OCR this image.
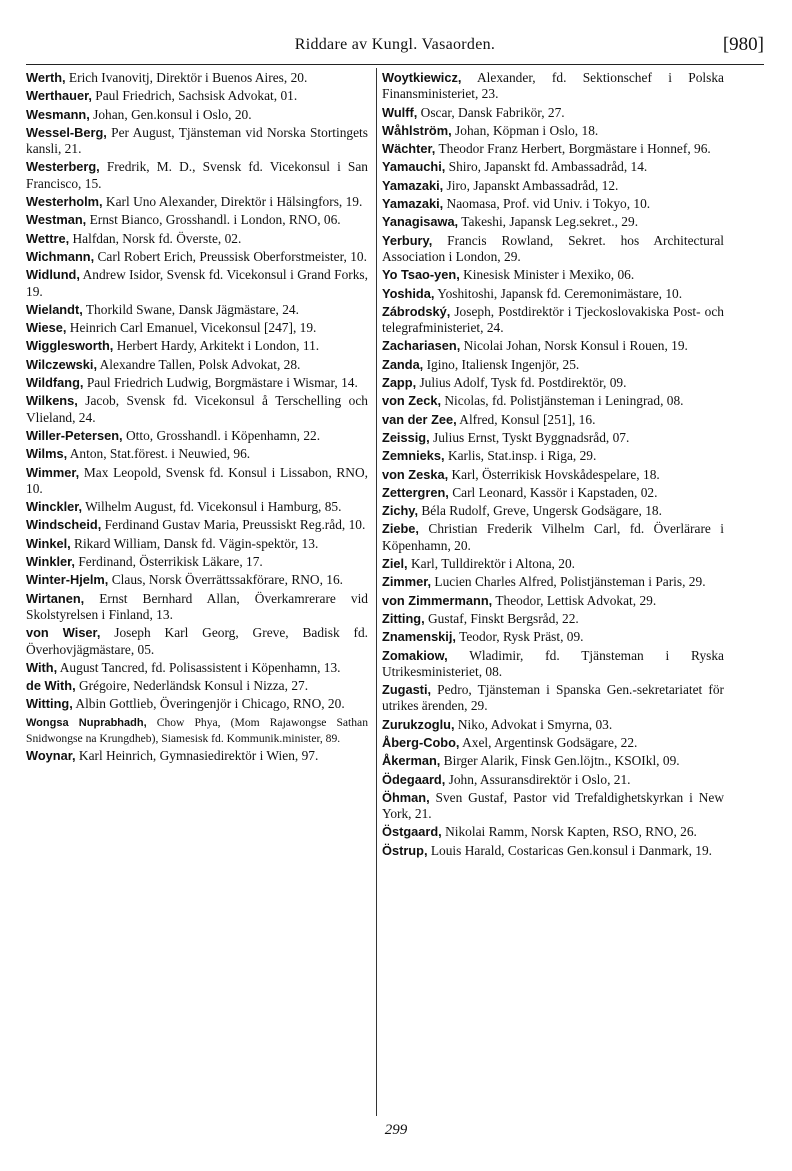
Riddare av Kungl. Vasaorden.	[980]
Werth, Erich Ivanovitj, Direktör i Buenos Aires, 20.
Werthauer, Paul Friedrich, Sachsisk Advokat, 01.
Wesmann, Johan, Gen.konsul i Oslo, 20.
Wessel-Berg, Per August, Tjänsteman vid Norska Stortingets kansli, 21.
Westerberg, Fredrik, M. D., Svensk fd. Vicekonsul i San Francisco, 15.
Westerholm, Karl Uno Alexander, Direktör i Hälsingfors, 19.
Westman, Ernst Bianco, Grosshandl. i London, RNO, 06.
Wettre, Halfdan, Norsk fd. Överste, 02.
Wichmann, Carl Robert Erich, Preussisk Oberforstmeister, 10.
Widlund, Andrew Isidor, Svensk fd. Vicekonsul i Grand Forks, 19.
Wielandt, Thorkild Swane, Dansk Jägmästare, 24.
Wiese, Heinrich Carl Emanuel, Vicekonsul [247], 19.
Wigglesworth, Herbert Hardy, Arkitekt i London, 11.
Wilczewski, Alexandre Tallen, Polsk Advokat, 28.
Wildfang, Paul Friedrich Ludwig, Borgmästare i Wismar, 14.
Wilkens, Jacob, Svensk fd. Vicekonsul å Terschelling och Vlieland, 24.
Willer-Petersen, Otto, Grosshandl. i Köpenhamn, 22.
Wilms, Anton, Stat.förest. i Neuwied, 96.
Wimmer, Max Leopold, Svensk fd. Konsul i Lissabon, RNO, 10.
Winckler, Wilhelm August, fd. Vicekonsul i Hamburg, 85.
Windscheid, Ferdinand Gustav Maria, Preussiskt Reg.råd, 10.
Winkel, Rikard William, Dansk fd. Vägin-spektör, 13.
Winkler, Ferdinand, Österrikisk Läkare, 17.
Winter-Hjelm, Claus, Norsk Överrättssakförare, RNO, 16.
Wirtanen, Ernst Bernhard Allan, Överkamrerare vid Skolstyrelsen i Finland, 13.
von Wiser, Joseph Karl Georg, Greve, Badisk fd. Överhovjägmästare, 05.
With, August Tancred, fd. Polisassistent i Köpenhamn, 13.
de With, Grégoire, Nederländsk Konsul i Nizza, 27.
Witting, Albin Gottlieb, Överingenjör i Chicago, RNO, 20.
Wongsa Nuprabhadh, Chow Phya, (Mom Rajawongse Sathan Snidwongse na Krungdheb), Siamesisk fd. Kommunik.minister, 89.
Woynar, Karl Heinrich, Gymnasiedirektör i Wien, 97.
Woytkiewicz, Alexander, fd. Sektionschef i Polska Finansministeriet, 23.
Wulff, Oscar, Dansk Fabrikör, 27.
Wåhlström, Johan, Köpman i Oslo, 18.
Wächter, Theodor Franz Herbert, Borgmästare i Honnef, 96.
Yamauchi, Shiro, Japanskt fd. Ambassadråd, 14.
Yamazaki, Jiro, Japanskt Ambassadråd, 12.
Yamazaki, Naomasa, Prof. vid Univ. i Tokyo, 10.
Yanagisawa, Takeshi, Japansk Leg.sekret., 29.
Yerbury, Francis Rowland, Sekret. hos Architectural Association i London, 29.
Yo Tsao-yen, Kinesisk Minister i Mexiko, 06.
Yoshida, Yoshitoshi, Japansk fd. Ceremonimästare, 10.
Zábrodský, Joseph, Postdirektör i Tjeckoslovakiska Post- och telegrafministeriet, 24.
Zachariasen, Nicolai Johan, Norsk Konsul i Rouen, 19.
Zanda, Igino, Italiensk Ingenjör, 25.
Zapp, Julius Adolf, Tysk fd. Postdirektör, 09.
von Zeck, Nicolas, fd. Polistjänsteman i Leningrad, 08.
van der Zee, Alfred, Konsul [251], 16.
Zeissig, Julius Ernst, Tyskt Byggnadsråd, 07.
Zemnieks, Karlis, Stat.insp. i Riga, 29.
von Zeska, Karl, Österrikisk Hovskådespelare, 18.
Zettergren, Carl Leonard, Kassör i Kapstaden, 02.
Zichy, Béla Rudolf, Greve, Ungersk Godsägare, 18.
Ziebe, Christian Frederik Vilhelm Carl, fd. Överlärare i Köpenhamn, 20.
Ziel, Karl, Tulldirektör i Altona, 20.
Zimmer, Lucien Charles Alfred, Polistjänsteman i Paris, 29.
von Zimmermann, Theodor, Lettisk Advokat, 29.
Zitting, Gustaf, Finskt Bergsråd, 22.
Znamenskij, Teodor, Rysk Präst, 09.
Zomakiow, Wladimir, fd. Tjänsteman i Ryska Utrikesministeriet, 08.
Zugasti, Pedro, Tjänsteman i Spanska Gen.-sekretariatet för utrikes ärenden, 29.
Zurukzoglu, Niko, Advokat i Smyrna, 03.
Åberg-Cobo, Axel, Argentinsk Godsägare, 22.
Åkerman, Birger Alarik, Finsk Gen.löjtn., KSOIkl, 09.
Ödegaard, John, Assuransdirektör i Oslo, 21.
Öhman, Sven Gustaf, Pastor vid Trefaldighetskyrkan i New York, 21.
Östgaard, Nikolai Ramm, Norsk Kapten, RSO, RNO, 26.
Östrup, Louis Harald, Costaricas Gen.konsul i Danmark, 19.
299
